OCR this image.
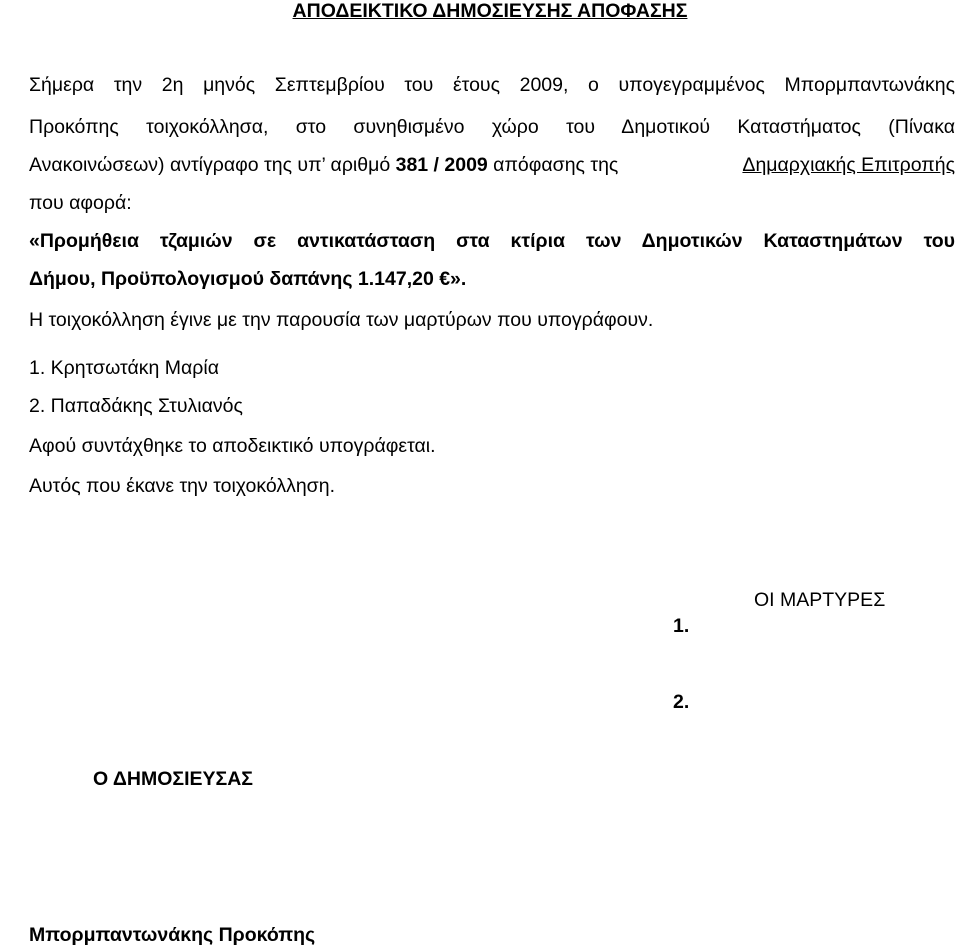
ΑΠΟΔΕΙΚΤΙΚΟ ΔΗΜΟΣΙΕΥΣΗΣ ΑΠΟΦΑΣΗΣ
Σήμερα την 2η μηνός Σεπτεμβρίου του έτους 2009, ο υπογεγραμμένος Μπορμπαντωνάκης
Προκόπης τοιχοκόλλησα, στο συνηθισμένο χώρο του Δημοτικού Καταστήματος (Πίνακα
Ανακοινώσεων) αντίγραφο της υπ’ αριθμό 381 / 2009 απόφασης της	Δημαρχιακής Επιτροπής
που αφορά:
«Προμήθεια τζαμιών σε αντικατάσταση στα κτίρια των Δημοτικών Καταστημάτων του
Δήμου, Προϋπολογισμού δαπάνης 1.147,20 €».
Η τοιχοκόλληση έγινε με την παρουσία των μαρτύρων που υπογράφουν.
1. Κρητσωτάκη Μαρία
2. Παπαδάκης Στυλιανός
Αφού συντάχθηκε το αποδεικτικό υπογράφεται.
Αυτός που έκανε την τοιχοκόλληση.
ΟΙ ΜΑΡΤΥΡΕΣ
1.
2.
Ο ΔΗΜΟΣΙΕΥΣΑΣ
Μπορμπαντωνάκης Προκόπης
